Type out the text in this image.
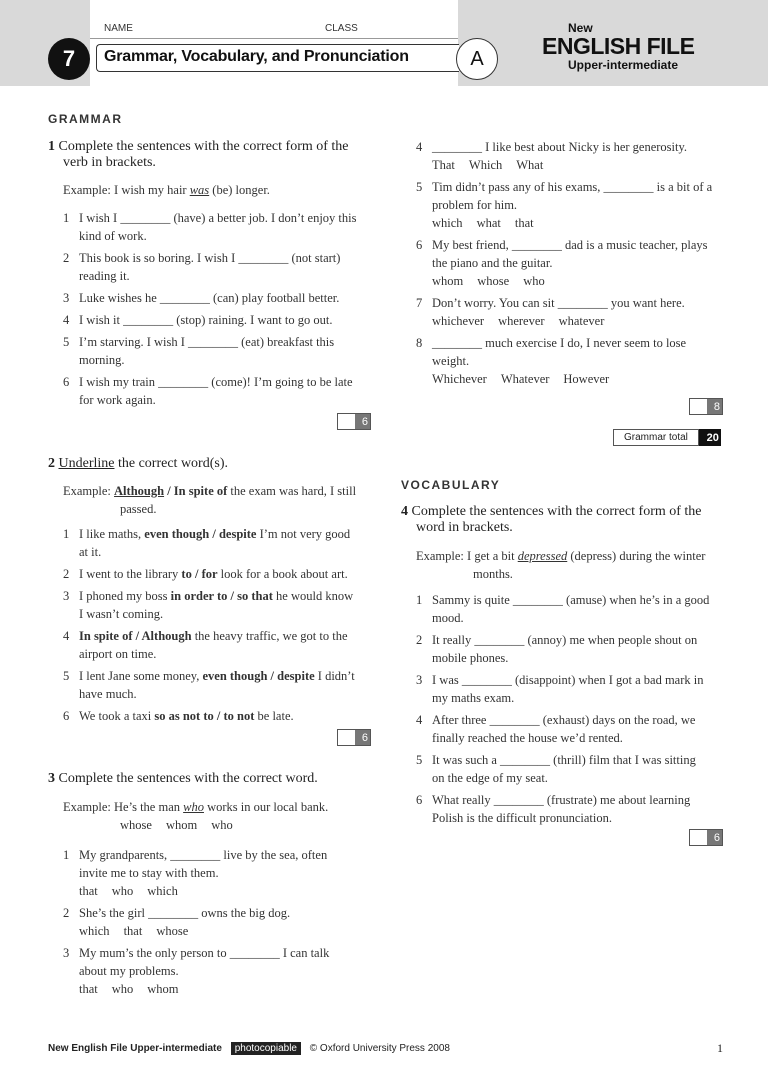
NAME	CLASS
Grammar, Vocabulary, and Pronunciation
7	A
New
ENGLISH FILE
Upper-intermediate
GRAMMAR
1 Complete the sentences with the correct form of the
verb in brackets.
Example: I wish my hair was (be) longer.
1 I wish I ________ (have) a better job. I don’t enjoy this
kind of work.
2 This book is so boring. I wish I ________ (not start)
reading it.
3 Luke wishes he ________ (can) play football better.
4 I wish it ________ (stop) raining. I want to go out.
5 I’m starving. I wish I ________ (eat) breakfast this
morning.
6 I wish my train ________ (come)! I’m going to be late
for work again.
6
2 Underline the correct word(s).
Example: Although / In spite of the exam was hard, I still
passed.
1 I like maths, even though / despite I’m not very good
at it.
2 I went to the library to / for look for a book about art.
3 I phoned my boss in order to / so that he would know
I wasn’t coming.
4 In spite of / Although the heavy traffic, we got to the
airport on time.
5 I lent Jane some money, even though / despite I didn’t
have much.
6 We took a taxi so as not to / to not be late.
6
3 Complete the sentences with the correct word.
Example: He’s the man who works in our local bank.
whose whom who
1 My grandparents, ________ live by the sea, often
invite me to stay with them.
that who which
2 She’s the girl ________ owns the big dog.
which that whose
3 My mum’s the only person to ________ I can talk
about my problems.
that who whom
4 ________ I like best about Nicky is her generosity.
That Which What
5 Tim didn’t pass any of his exams, ________ is a bit of a
problem for him.
which what that
6 My best friend, ________ dad is a music teacher, plays
the piano and the guitar.
whom whose who
7 Don’t worry. You can sit ________ you want here.
whichever wherever whatever
8 ________ much exercise I do, I never seem to lose
weight.
Whichever Whatever However
8
Grammar total	20
VOCABULARY
4 Complete the sentences with the correct form of the
word in brackets.
Example: I get a bit depressed (depress) during the winter
months.
1 Sammy is quite ________ (amuse) when he’s in a good
mood.
2 It really ________ (annoy) me when people shout on
mobile phones.
3 I was ________ (disappoint) when I got a bad mark in
my maths exam.
4 After three ________ (exhaust) days on the road, we
finally reached the house we’d rented.
5 It was such a ________ (thrill) film that I was sitting
on the edge of my seat.
6 What really ________ (frustrate) me about learning
Polish is the difficult pronunciation.
6
New English File Upper-intermediate photocopiable © Oxford University Press 2008	1
